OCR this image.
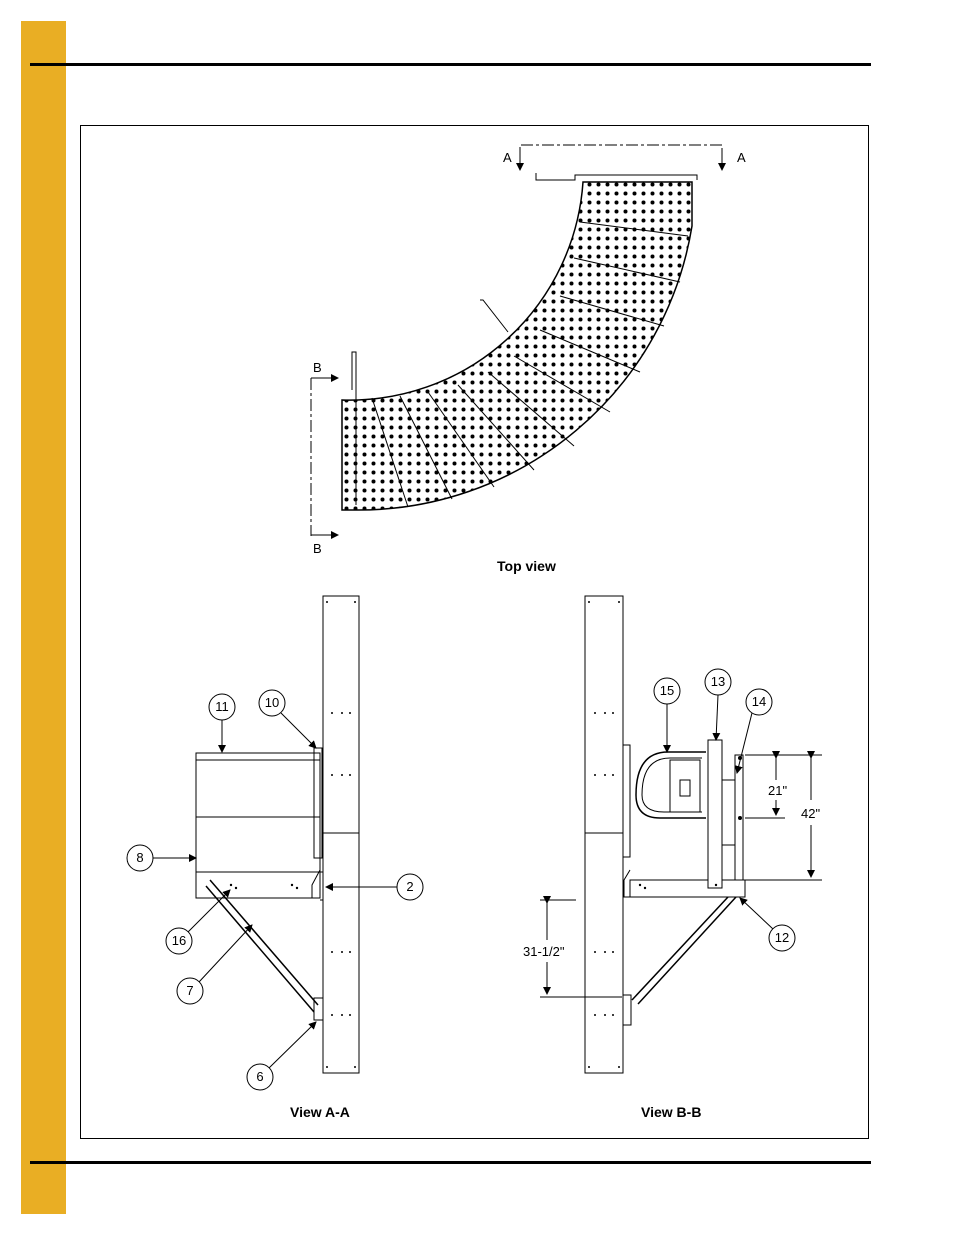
A	A
B
B
Top view
View A-A
11	10
8
2
16
7
6
View B-B
21"
42"
31-1/2"
15
13
14
12
